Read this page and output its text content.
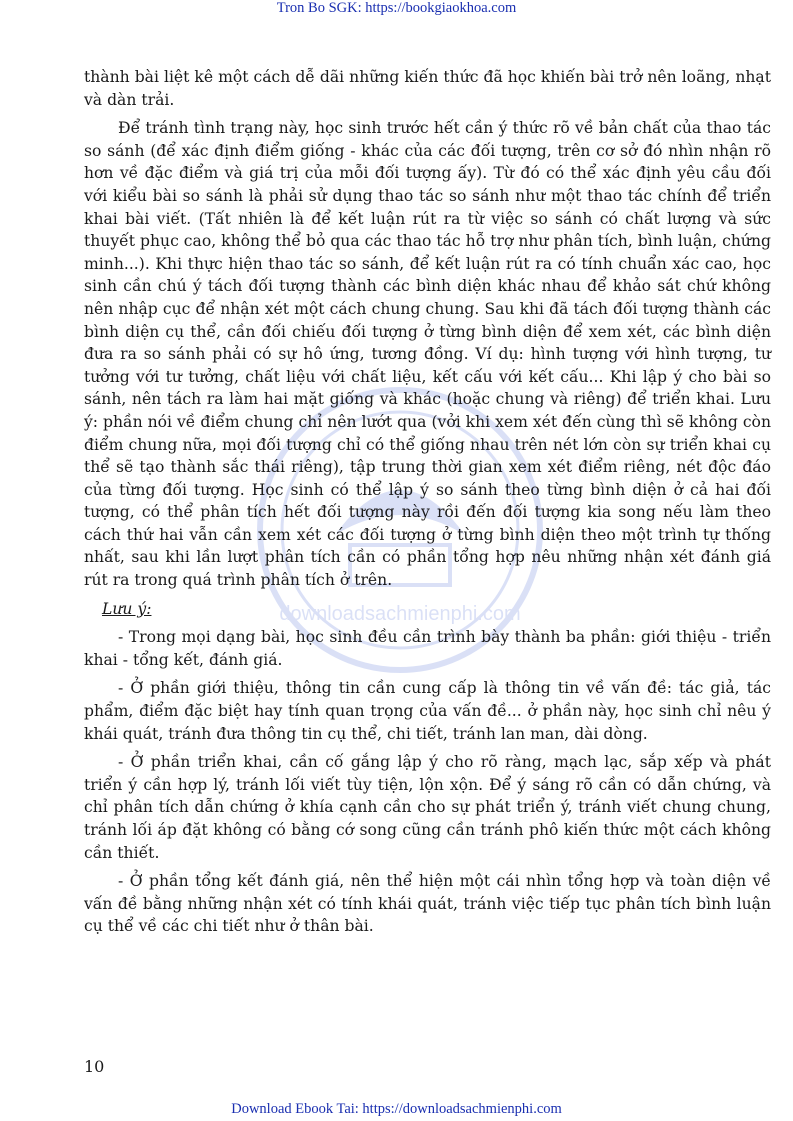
Tron Bo SGK: https://bookgiaokhoa.com
downloadsachmienphi.com

thành bài liệt kê một cách dễ dãi những kiến thức đã học khiến bài trở nên loãng, nhạt và dàn trải.

Để tránh tình trạng này, học sinh trước hết cần ý thức rõ về bản chất của thao tác so sánh (để xác định điểm giống - khác của các đối tượng, trên cơ sở đó nhìn nhận rõ hơn về đặc điểm và giá trị của mỗi đối tượng ấy). Từ đó có thể xác định yêu cầu đối với kiểu bài so sánh là phải sử dụng thao tác so sánh như một thao tác chính để triển khai bài viết. (Tất nhiên là để kết luận rút ra từ việc so sánh có chất lượng và sức thuyết phục cao, không thể bỏ qua các thao tác hỗ trợ như phân tích, bình luận, chứng minh...). Khi thực hiện thao tác so sánh, để kết luận rút ra có tính chuẩn xác cao, học sinh cần chú ý tách đối tượng thành các bình diện khác nhau để khảo sát chứ không nên nhập cục để nhận xét một cách chung chung. Sau khi đã tách đối tượng thành các bình diện cụ thể, cần đối chiếu đối tượng ở từng bình diện để xem xét, các bình diện đưa ra so sánh phải có sự hô ứng, tương đồng. Ví dụ: hình tượng với hình tượng, tư tưởng với tư tưởng, chất liệu với chất liệu, kết cấu với kết cấu... Khi lập ý cho bài so sánh, nên tách ra làm hai mặt giống và khác (hoặc chung và riêng) để triển khai. Lưu ý: phần nói về điểm chung chỉ nên lướt qua (vởi khi xem xét đến cùng thì sẽ không còn điểm chung nữa, mọi đối tượng chỉ có thể giống nhau trên nét lớn còn sự triển khai cụ thể sẽ tạo thành sắc thái riêng), tập trung thời gian xem xét điểm riêng, nét độc đáo của từng đối tượng. Học sinh có thể lập ý so sánh theo từng bình diện ở cả hai đối tượng, có thể phân tích hết đối tượng này rồi đến đối tượng kia song nếu làm theo cách thứ hai vẫn cần xem xét các đối tượng ở từng bình diện theo một trình tự thống nhất, sau khi lần lượt phân tích cần có phần tổng hợp nêu những nhận xét đánh giá rút ra trong quá trình phân tích ở trên.

Lưu ý:

- Trong mọi dạng bài, học sinh đều cần trình bày thành ba phần: giới thiệu - triển khai - tổng kết, đánh giá.

- Ở phần giới thiệu, thông tin cần cung cấp là thông tin về vấn đề: tác giả, tác phẩm, điểm đặc biệt hay tính quan trọng của vấn đề... ở phần này, học sinh chỉ nêu ý khái quát, tránh đưa thông tin cụ thể, chi tiết, tránh lan man, dài dòng.

- Ở phần triển khai, cần cố gắng lập ý cho rõ ràng, mạch lạc, sắp xếp và phát triển ý cần hợp lý, tránh lối viết tùy tiện, lộn xộn. Để ý sáng rõ cần có dẫn chứng, và chỉ phân tích dẫn chứng ở khía cạnh cần cho sự phát triển ý, tránh viết chung chung, tránh lối áp đặt không có bằng cớ song cũng cần tránh phô kiến thức một cách không cần thiết.

- Ở phần tổng kết đánh giá, nên thể hiện một cái nhìn tổng hợp và toàn diện về vấn đề bằng những nhận xét có tính khái quát, tránh việc tiếp tục phân tích bình luận cụ thể về các chi tiết như ở thân bài.

10
Download Ebook Tai: https://downloadsachmienphi.com
